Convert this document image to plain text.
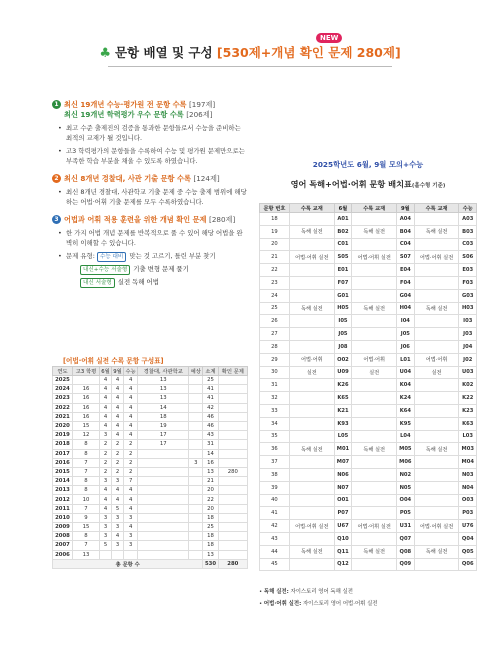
♣ 문항 배열 및 구성 [530제+개념 확인 문제 280제]
NEW
1 최신 19개년 수능·평가원 전 문항 수록 [197제]
최신 19개년 학력평가 우수 문항 수록 [206제]
• 최고 수준 출제진의 검증을 통과한 문항들로서 수능을 준비하는 최적의 교재가 될 것입니다.
• 고3 학력평가의 문항들을 수록하여 수능 및 평가원 문제만으로는 부족한 학습 부분을 채울 수 있도록 하였습니다.
2 최신 8개년 경찰대, 사관 기출 문항 수록 [124제]
• 최신 8개년 경찰대, 사관학교 기출 문제 중 수능 출제 범위에 해당하는 어법·어휘 기출 문제를 모두 수록하였습니다.
3 어법과 어휘 적용 훈련을 위한 개념 확인 문제 [280제]
• 한 가지 어법 개념 문제를 반복적으로 풀 수 있어 해당 어법을 완벽히 이해할 수 있습니다.
• 문제 유형: 수능 대비 맞는 것 고르기, 틀린 부분 찾기
내신+수능 서술형 기출 변형 문제 풀기
내신 서술형 실전 독해 어법
[어법·어휘 실전 수록 문항 구성표]
연도	고3 학평	6월	9월	수능	경찰대, 사관학교	예상	소계	확인 문제
2025		4	4	4	13		25	
2024	16	4	4	4	13		41	
2023	16	4	4	4	13		41	
2022	16	4	4	4	14		42	
2021	16	4	4	4	18		46	
2020	15	4	4	4	19		46	
2019	12	3	4	4	17		43	
2018	8	2	2	2	17		31	
2017	8	2	2	2			14	
2016	7	2	2	2		3	16	
2015	7	2	2	2			13	280
2014	8	3	3	7			21	
2013	8	4	4	4			20	
2012	10	4	4	4			22	
2011	7	4	5	4			20	
2010	9	3	3	3			18	
2009	15	3	3	4			25	
2008	8	3	4	3			18	
2007	7	5	3	3			18	
2006	13						13	
총 문항 수							530	280
2025학년도 6월, 9월 모의+수능
영어 독해+어법·어휘 문항 배치표(홀수형 기준)
문항 번호	수록 교재	6월	수록 교재	9월	수록 교재	수능
18		A01		A04		A03
19	독해 실전	B02	독해 실전	B04	독해 실전	B03
20		C01		C04		C03
21	어법·어휘 실전	S05	어법·어휘 실전	S07	어법·어휘 실전	S06
22		E01		E04		E03
23		F07		F04		F03
24		G01		G04		G03
25	독해 실전	H05	독해 실전	H04	독해 실전	H03
26		I05		I04		I03
27		J05		J05		J03
28		J08		J06		J04
29	어법·어휘	O02	어법·어휘	L01	어법·어휘	J02
30	실전	U09	실전	U04	실전	U03
31		K26		K04		K02
32		K65		K24		K22
33		K21		K64		K23
34		K93		K95		K63
35		L05		L04		L03
36	독해 실전	M01	독해 실전	M05	독해 실전	M03
37		M07		M06		M04
38		N06		N02		N03
39		N07		N05		N04
40		O01		O04		O03
41		P07		P05		P03
42	어법·어휘 실전	U67	어법·어휘 실전	U31	어법·어휘 실전	U76
43		Q10		Q07		Q04
44	독해 실전	Q11	독해 실전	Q08	독해 실전	Q05
45		Q12		Q09		Q06
• 독해 실전: 자이스토리 영어 독해 실전
• 어법·어휘 실전: 자이스토리 영어 어법·어휘 실전
